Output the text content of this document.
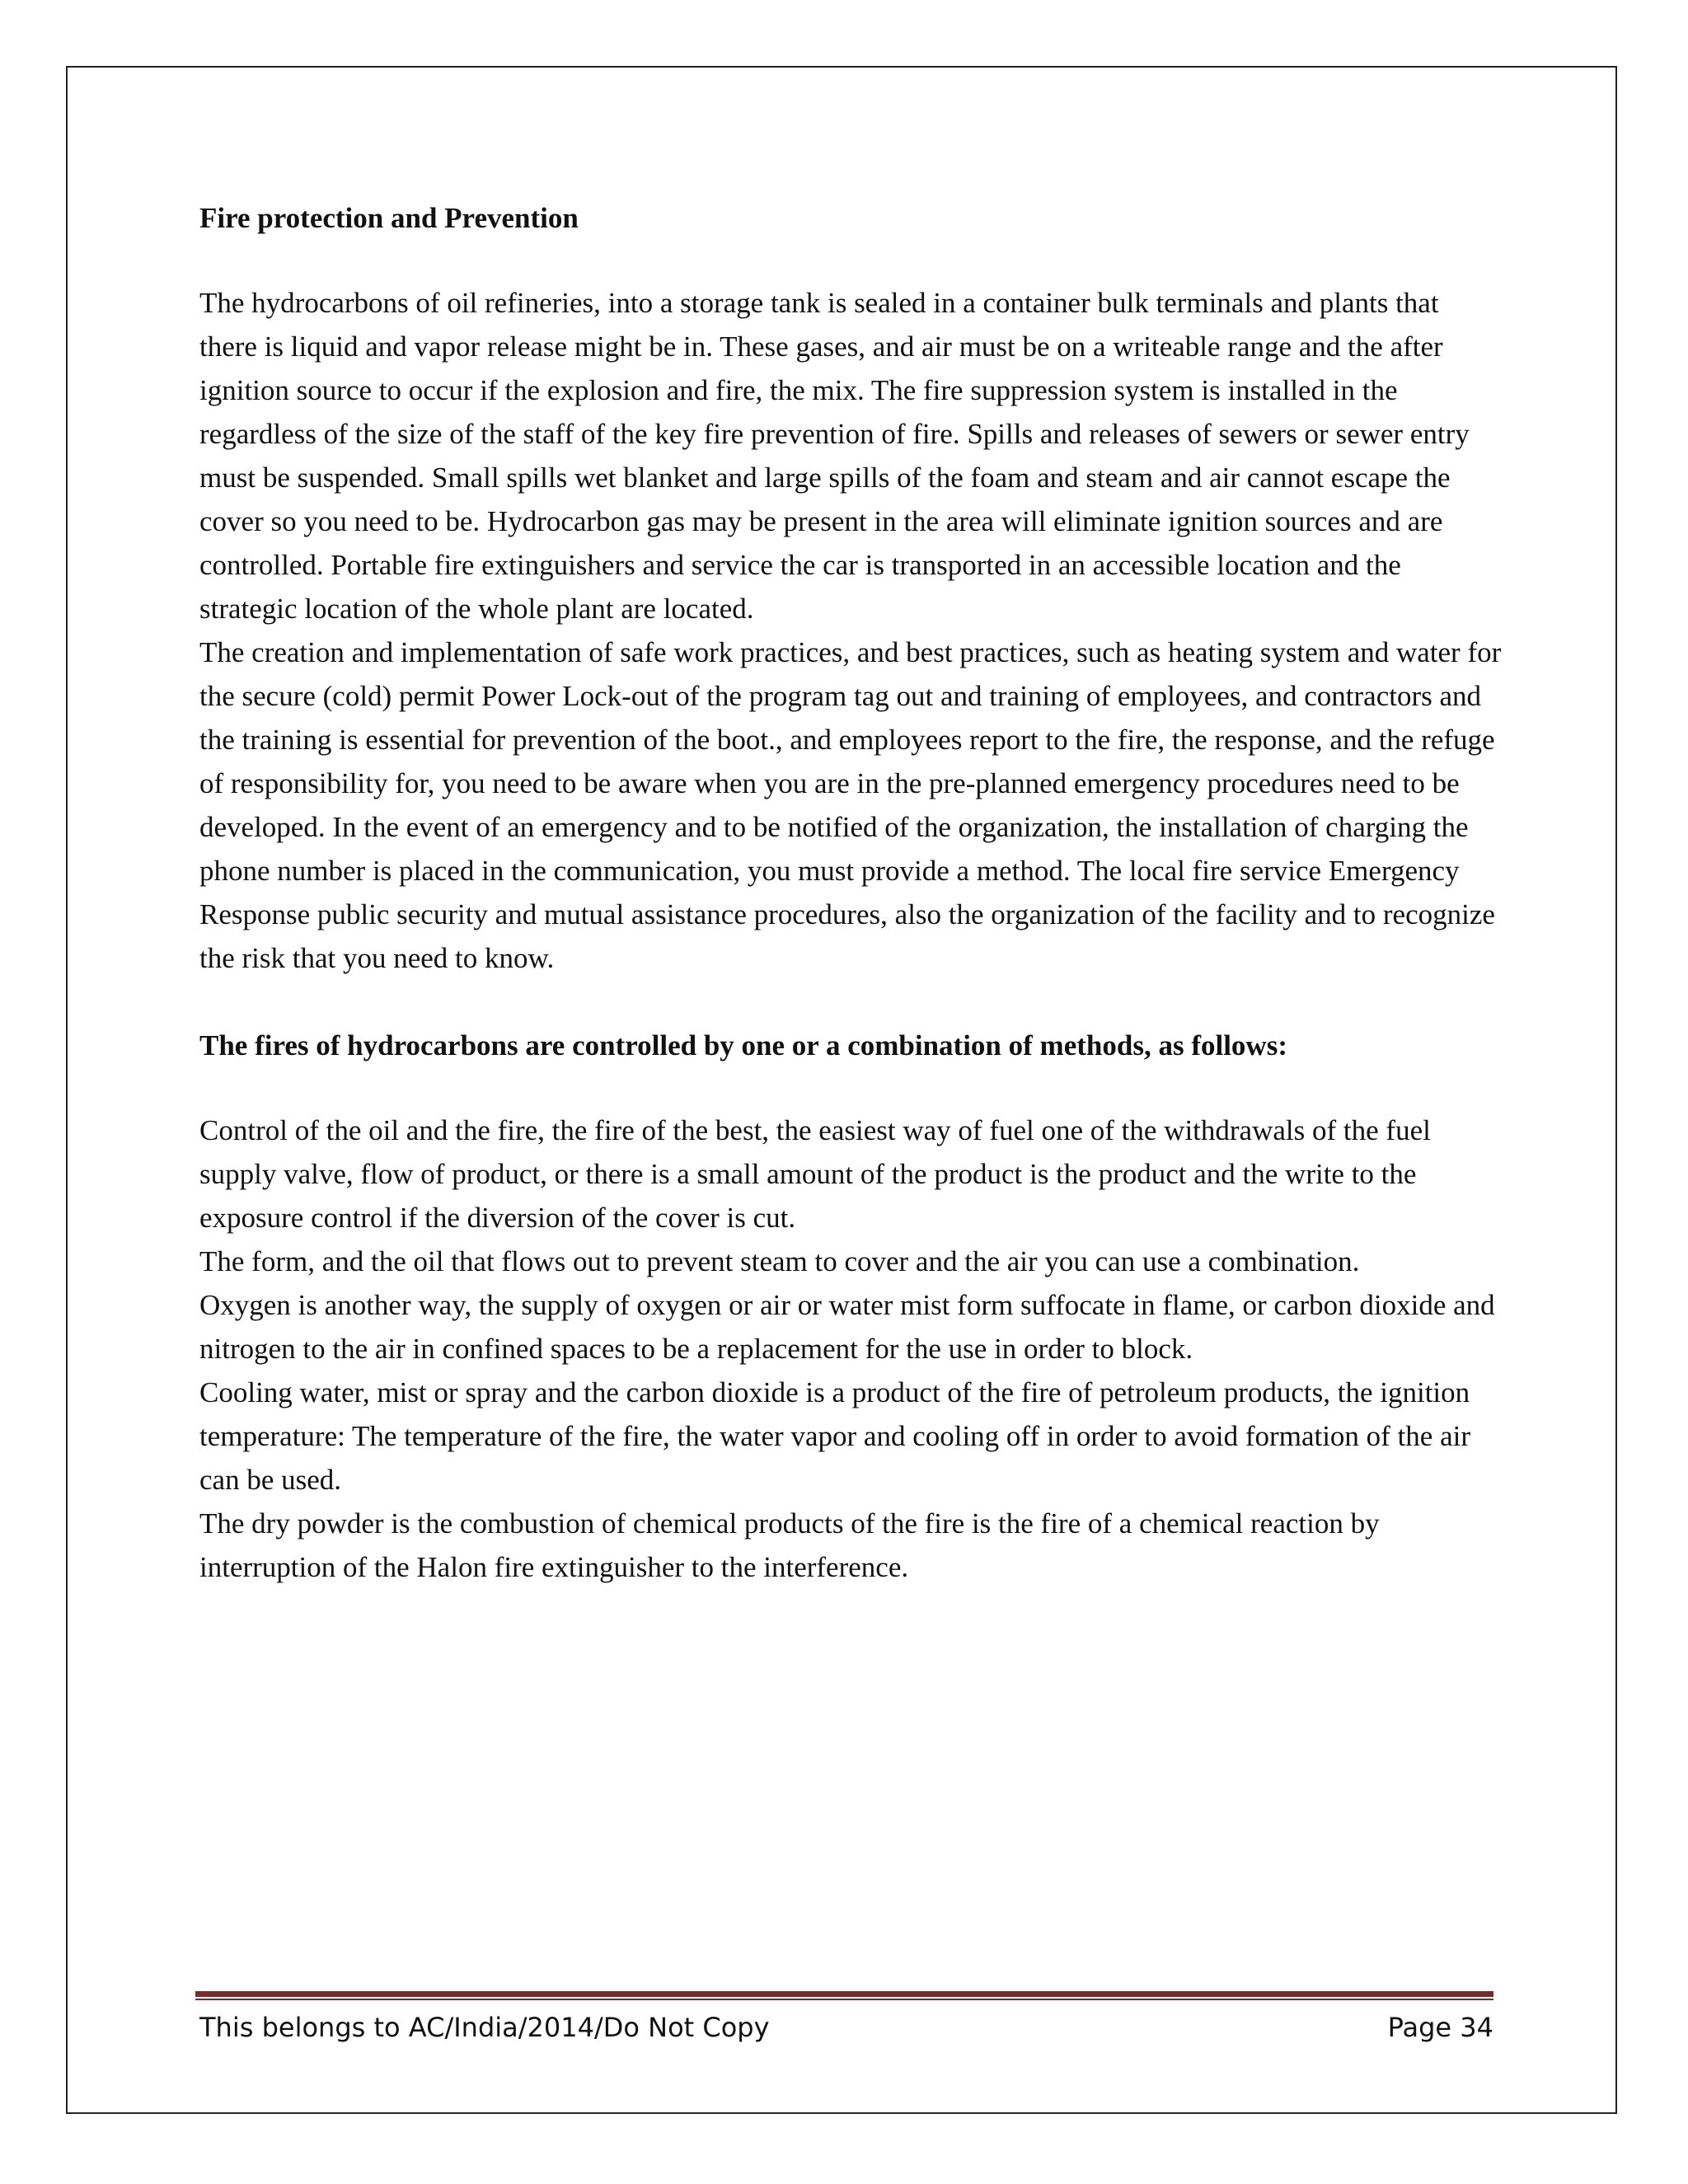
Fire protection and Prevention

The hydrocarbons of oil refineries, into a storage tank is sealed in a container bulk terminals and plants that there is liquid and vapor release might be in. These gases, and air must be on a writeable range and the after ignition source to occur if the explosion and fire, the mix. The fire suppression system is installed in the regardless of the size of the staff of the key fire prevention of fire. Spills and releases of sewers or sewer entry must be suspended. Small spills wet blanket and large spills of the foam and steam and air cannot escape the cover so you need to be. Hydrocarbon gas may be present in the area will eliminate ignition sources and are controlled. Portable fire extinguishers and service the car is transported in an accessible location and the strategic location of the whole plant are located.

The creation and implementation of safe work practices, and best practices, such as heating system and water for the secure (cold) permit Power Lock-out of the program tag out and training of employees, and contractors and the training is essential for prevention of the boot., and employees report to the fire, the response, and the refuge of responsibility for, you need to be aware when you are in the pre-planned emergency procedures need to be developed. In the event of an emergency and to be notified of the organization, the installation of charging the phone number is placed in the communication, you must provide a method. The local fire service Emergency Response public security and mutual assistance procedures, also the organization of the facility and to recognize the risk that you need to know.

The fires of hydrocarbons are controlled by one or a combination of methods, as follows:

Control of the oil and the fire, the fire of the best, the easiest way of fuel one of the withdrawals of the fuel supply valve, flow of product, or there is a small amount of the product is the product and the write to the exposure control if the diversion of the cover is cut.

The form, and the oil that flows out to prevent steam to cover and the air you can use a combination.

Oxygen is another way, the supply of oxygen or air or water mist form suffocate in flame, or carbon dioxide and nitrogen to the air in confined spaces to be a replacement for the use in order to block.

Cooling water, mist or spray and the carbon dioxide is a product of the fire of petroleum products, the ignition temperature: The temperature of the fire, the water vapor and cooling off in order to avoid formation of the air can be used.

The dry powder is the combustion of chemical products of the fire is the fire of a chemical reaction by interruption of the Halon fire extinguisher to the interference.

This belongs to AC/India/2014/Do Not Copy	Page 34
